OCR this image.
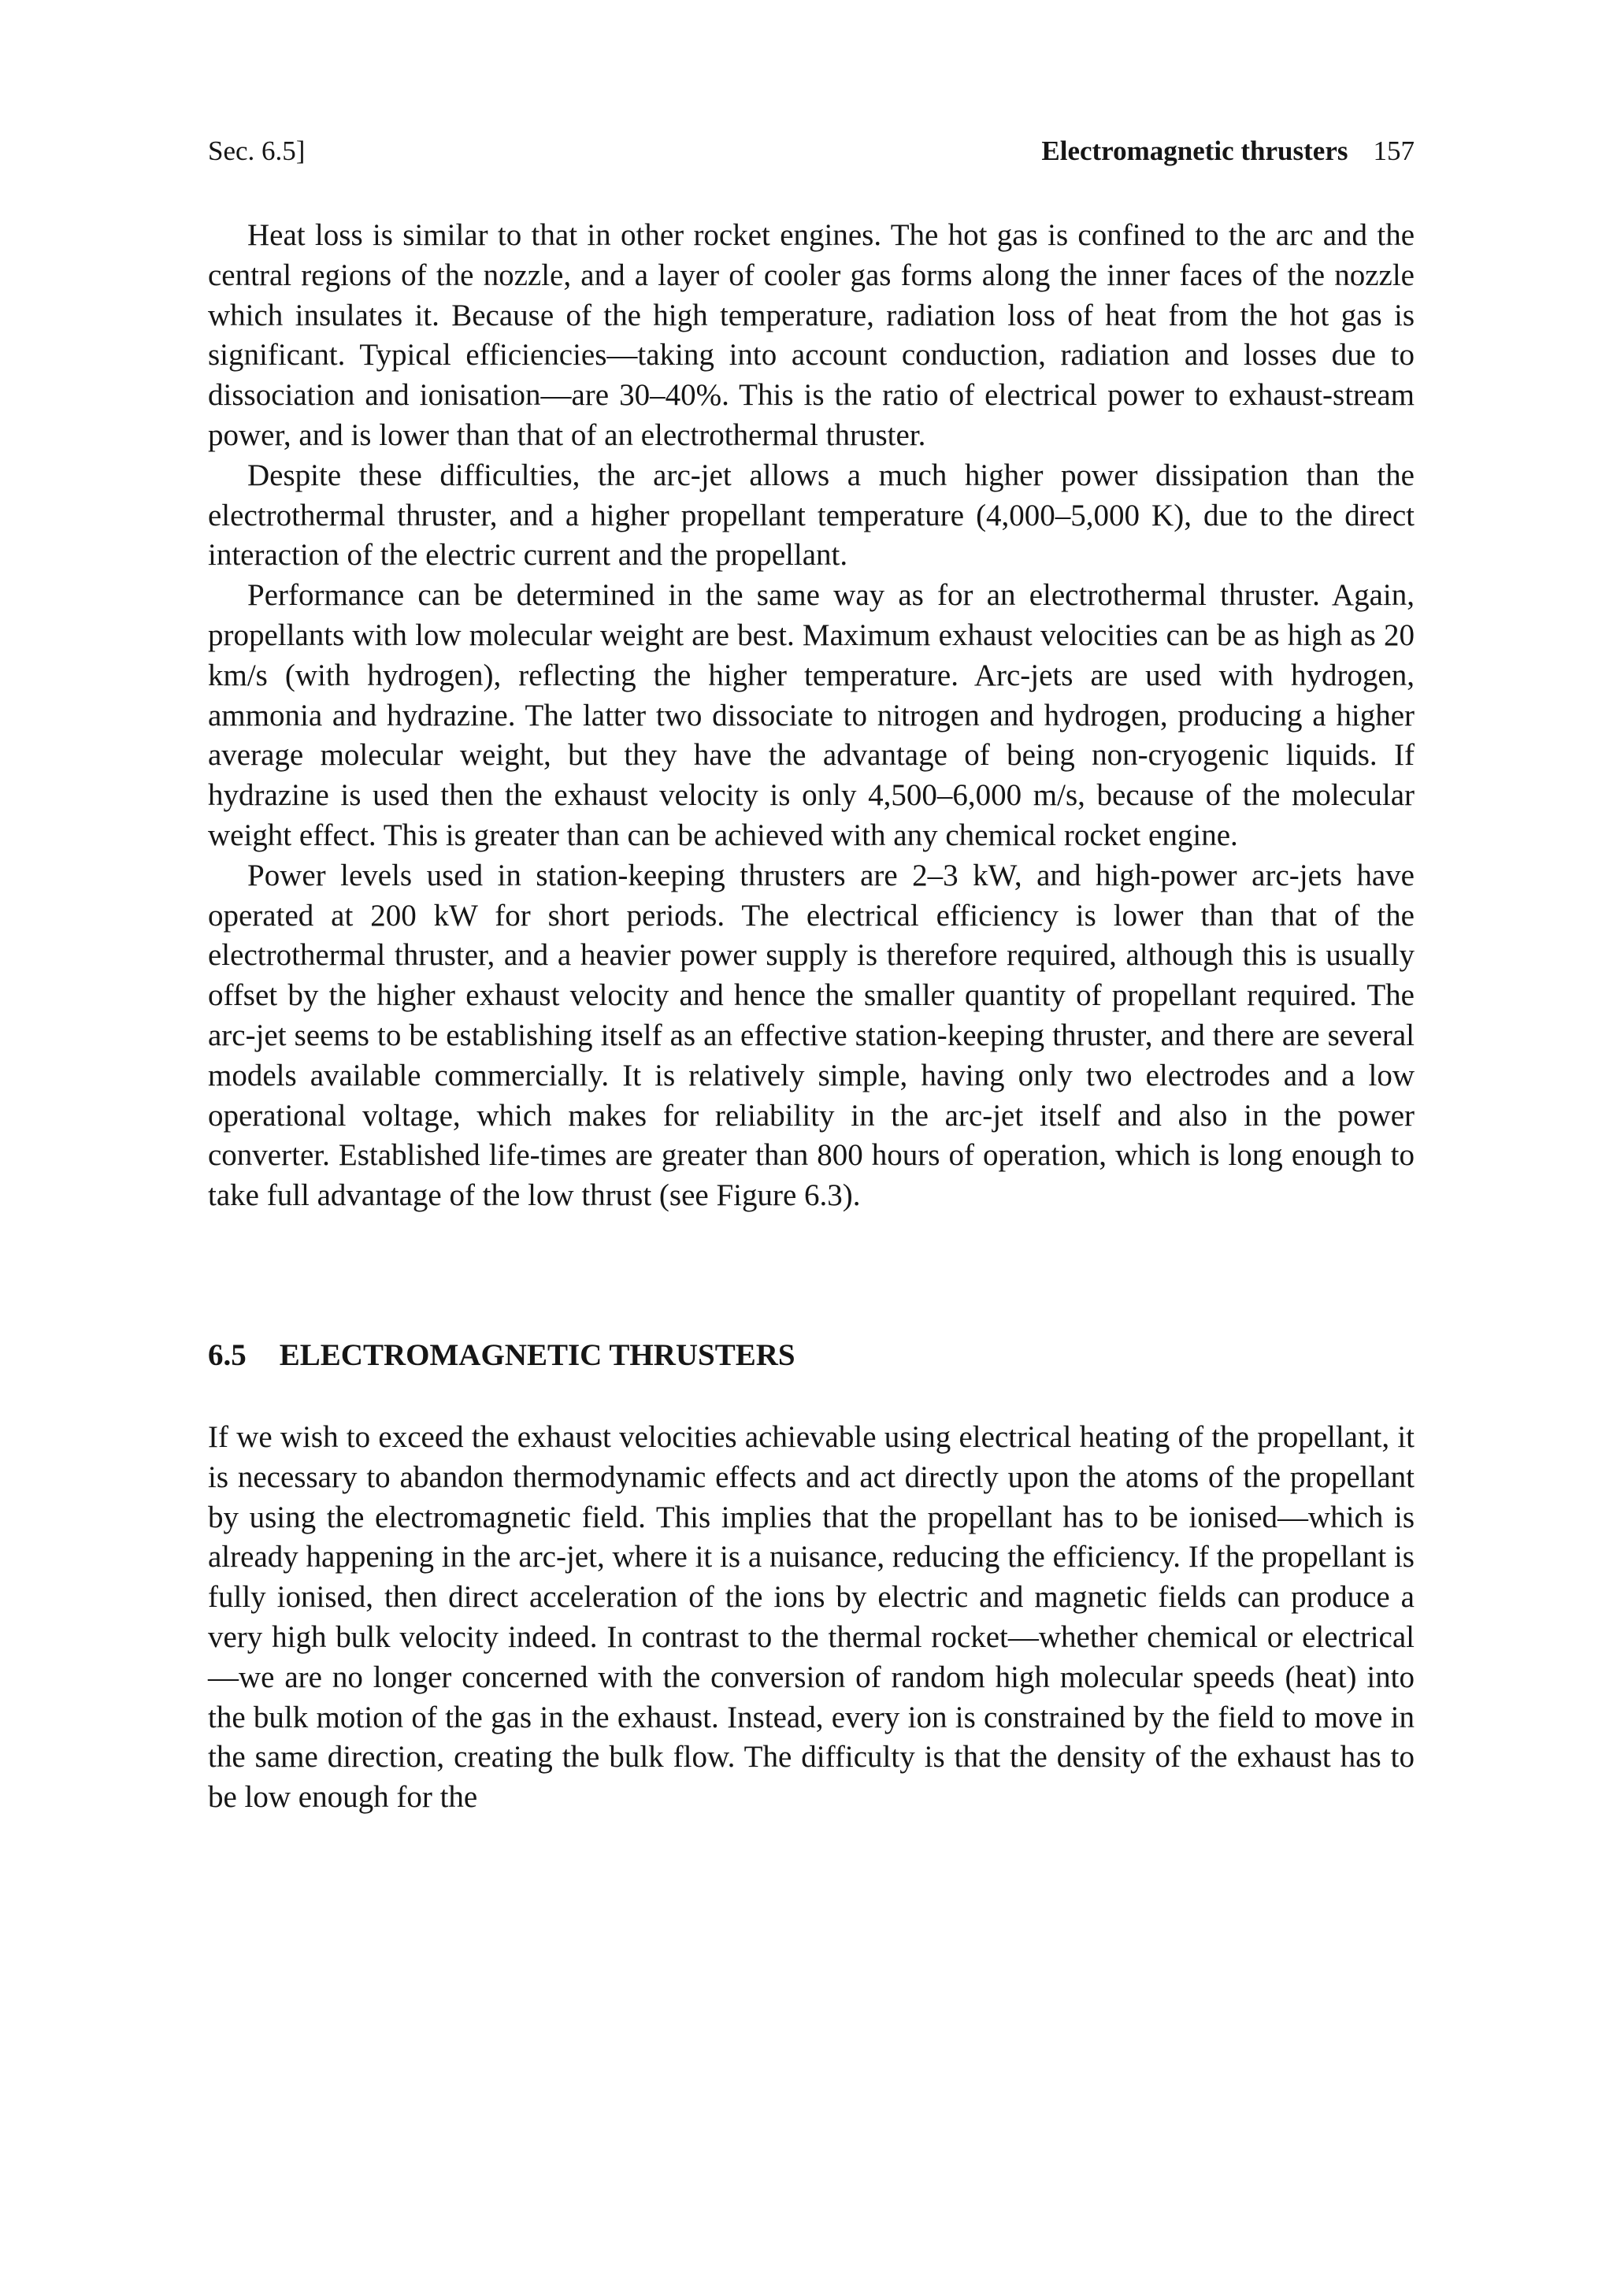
Sec. 6.5]	Electromagnetic thrusters 157

Heat loss is similar to that in other rocket engines. The hot gas is confined to the arc and the central regions of the nozzle, and a layer of cooler gas forms along the inner faces of the nozzle which insulates it. Because of the high temperature, radiation loss of heat from the hot gas is significant. Typical efficiencies—taking into account conduction, radiation and losses due to dissociation and ionisation—are 30–40%. This is the ratio of electrical power to exhaust-stream power, and is lower than that of an electrothermal thruster.

Despite these difficulties, the arc-jet allows a much higher power dissipation than the electrothermal thruster, and a higher propellant temperature (4,000–5,000 K), due to the direct interaction of the electric current and the propellant.

Performance can be determined in the same way as for an electrothermal thruster. Again, propellants with low molecular weight are best. Maximum exhaust velocities can be as high as 20 km/s (with hydrogen), reflecting the higher temperature. Arc-jets are used with hydrogen, ammonia and hydrazine. The latter two dissociate to nitrogen and hydrogen, producing a higher average molecular weight, but they have the advantage of being non-cryogenic liquids. If hydrazine is used then the exhaust velocity is only 4,500–6,000 m/s, because of the molecular weight effect. This is greater than can be achieved with any chemical rocket engine.

Power levels used in station-keeping thrusters are 2–3 kW, and high-power arc-jets have operated at 200 kW for short periods. The electrical efficiency is lower than that of the electrothermal thruster, and a heavier power supply is therefore required, although this is usually offset by the higher exhaust velocity and hence the smaller quantity of propellant required. The arc-jet seems to be establishing itself as an effective station-keeping thruster, and there are several models available commercially. It is relatively simple, having only two electrodes and a low operational voltage, which makes for reliability in the arc-jet itself and also in the power converter. Established life-times are greater than 800 hours of operation, which is long enough to take full advantage of the low thrust (see Figure 6.3).

6.5 ELECTROMAGNETIC THRUSTERS

If we wish to exceed the exhaust velocities achievable using electrical heating of the propellant, it is necessary to abandon thermodynamic effects and act directly upon the atoms of the propellant by using the electromagnetic field. This implies that the propellant has to be ionised—which is already happening in the arc-jet, where it is a nuisance, reducing the efficiency. If the propellant is fully ionised, then direct acceleration of the ions by electric and magnetic fields can produce a very high bulk velocity indeed. In contrast to the thermal rocket—whether chemical or electrical—we are no longer concerned with the conversion of random high molecular speeds (heat) into the bulk motion of the gas in the exhaust. Instead, every ion is constrained by the field to move in the same direction, creating the bulk flow. The difficulty is that the density of the exhaust has to be low enough for the
